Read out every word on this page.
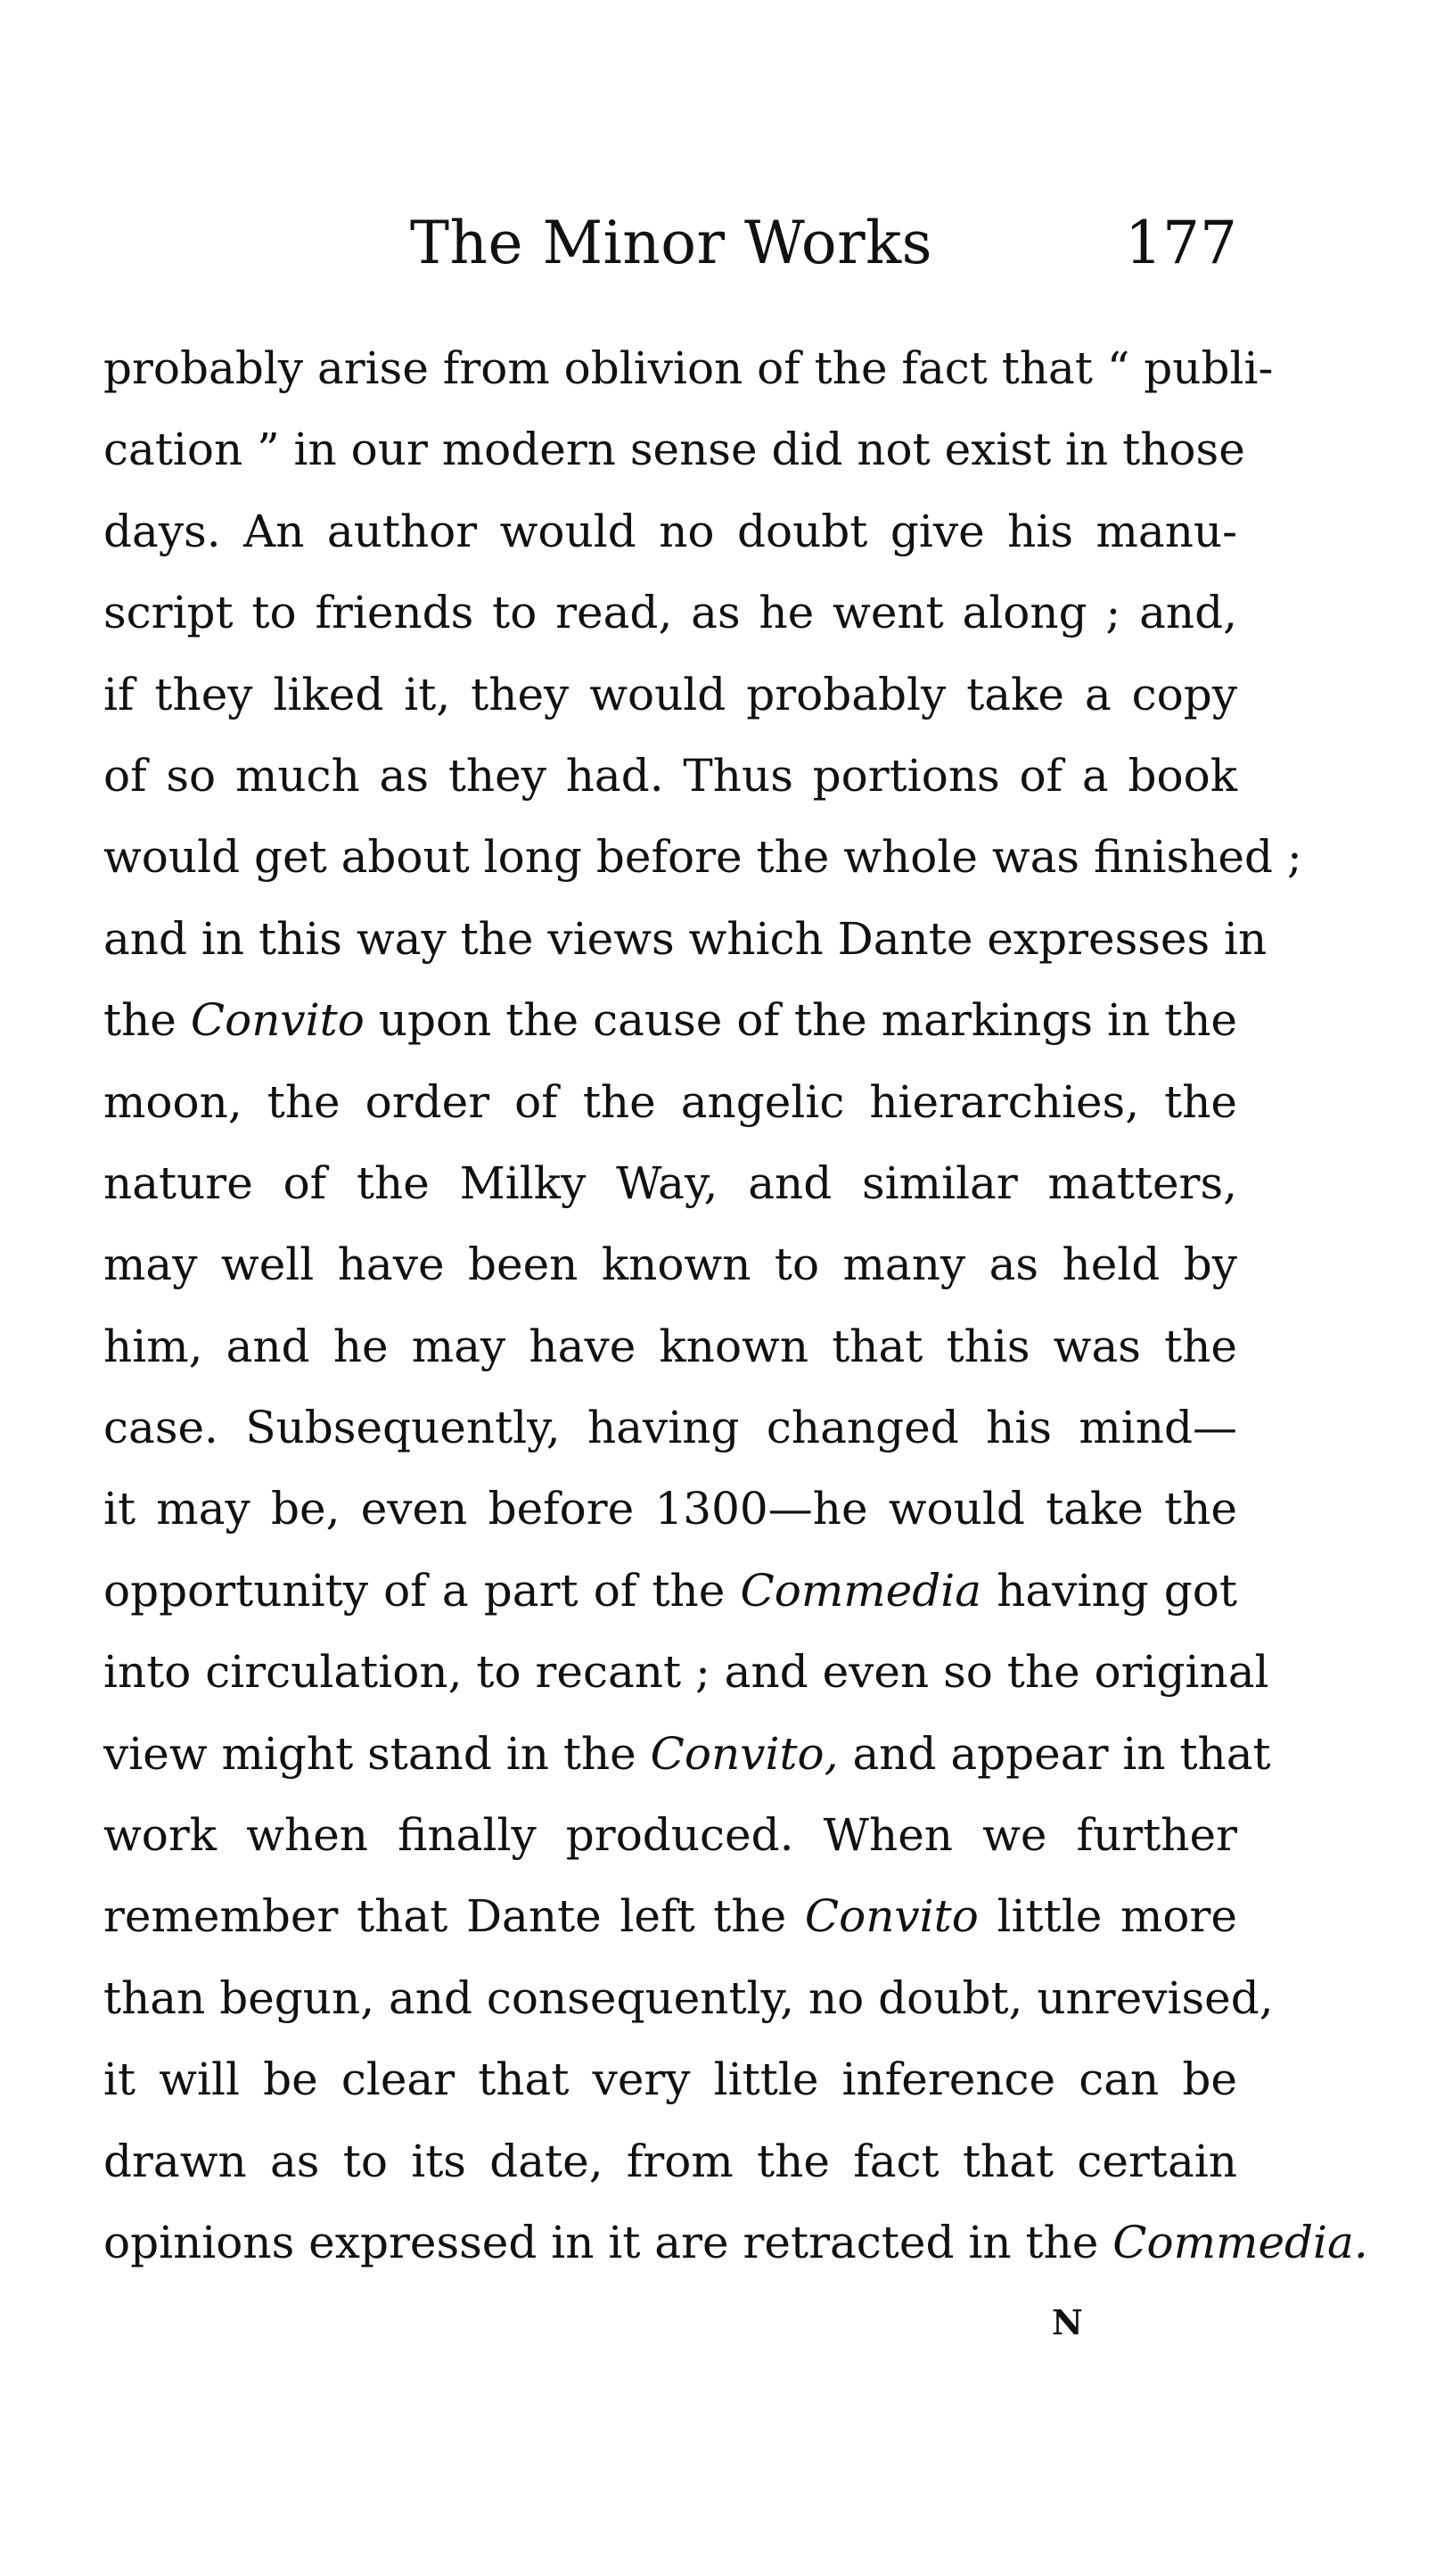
The Minor Works	177
probably arise from oblivion of the fact that “ publi-
cation ” in our modern sense did not exist in those
days. An author would no doubt give his manu-
script to friends to read, as he went along ; and,
if they liked it, they would probably take a copy
of so much as they had. Thus portions of a book
would get about long before the whole was finished ;
and in this way the views which Dante expresses in
the Convito upon the cause of the markings in the
moon, the order of the angelic hierarchies, the
nature of the Milky Way, and similar matters,
may well have been known to many as held by
him, and he may have known that this was the
case. Subsequently, having changed his mind—
it may be, even before 1300—he would take the
opportunity of a part of the Commedia having got
into circulation, to recant ; and even so the original
view might stand in the Convito, and appear in that
work when finally produced. When we further
remember that Dante left the Convito little more
than begun, and consequently, no doubt, unrevised,
it will be clear that very little inference can be
drawn as to its date, from the fact that certain
opinions expressed in it are retracted in the Commedia.
N
